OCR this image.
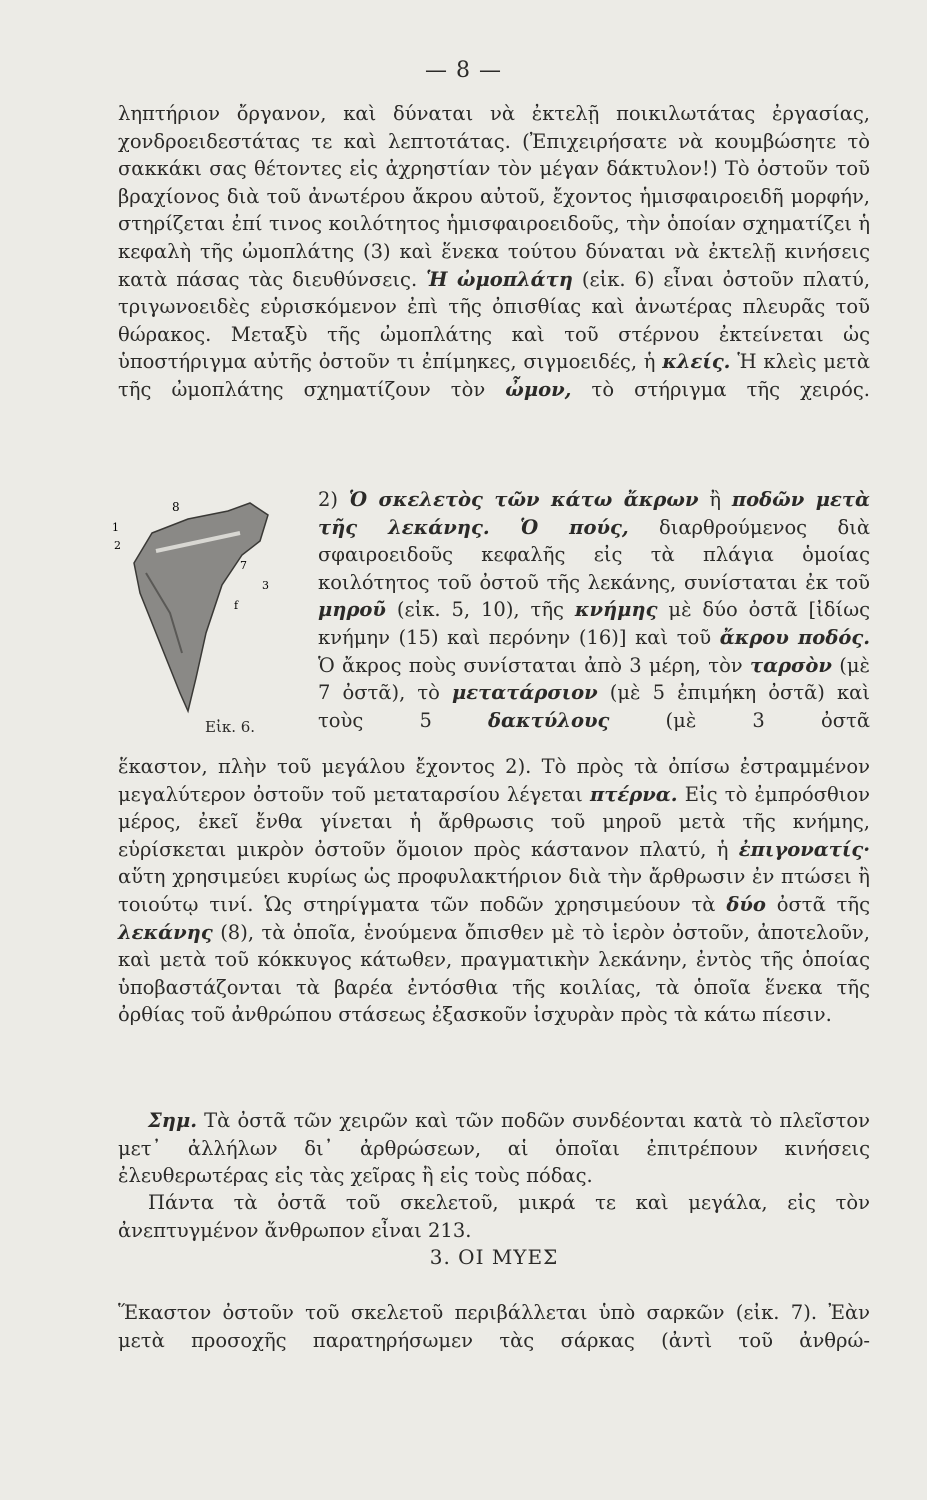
— 8 —
ληπτήριον ὄργανον, καὶ δύναται νὰ ἐκτελῇ ποικιλωτάτας ἐργασίας, χονδροειδεστάτας τε καὶ λεπτοτάτας. (Ἐπιχειρήσατε νὰ κουμβώσητε τὸ σακκάκι σας θέτοντες εἰς ἀχρηστίαν τὸν μέγαν δάκτυλον!) Τὸ ὀστοῦν τοῦ βραχίονος διὰ τοῦ ἀνωτέρου ἄκρου αὐτοῦ, ἔχοντος ἡμισφαιροειδῆ μορφήν, στηρίζεται ἐπί τινος κοιλότητος ἡμισφαιροειδοῦς, τὴν ὁποίαν σχηματίζει ἡ κεφαλὴ τῆς ὠμοπλάτης (3) καὶ ἕνεκα τούτου δύναται νὰ ἐκτελῇ κινήσεις κατὰ πάσας τὰς διευθύνσεις. Ἡ ὠμοπλάτη (εἰκ. 6) εἶναι ὀστοῦν πλατύ, τριγωνοειδὲς εὑρισκόμενον ἐπὶ τῆς ὀπισθίας καὶ ἀνωτέρας πλευρᾶς τοῦ θώρακος. Μεταξὺ τῆς ὠμοπλάτης καὶ τοῦ στέρνου ἐκτείνεται ὡς ὑποστήριγμα αὐτῆς ὀστοῦν τι ἐπίμηκες, σιγμοειδές, ἡ κλείς. Ἡ κλεὶς μετὰ τῆς ὠμοπλάτης σχηματίζουν τὸν ὦμον, τὸ στήριγμα τῆς χειρός.
8
1
2
7
3
f
Εἰκ. 6.
2) Ὁ σκελετὸς τῶν κάτω ἄκρων ἢ ποδῶν μετὰ τῆς λεκάνης. Ὁ πούς, διαρθρούμενος διὰ σφαιροειδοῦς κεφαλῆς εἰς τὰ πλάγια ὁμοίας κοιλότητος τοῦ ὀστοῦ τῆς λεκάνης, συνίσταται ἐκ τοῦ μηροῦ (εἰκ. 5, 10), τῆς κνήμης μὲ δύο ὀστᾶ [ἰδίως κνήμην (15) καὶ περόνην (16)] καὶ τοῦ ἄκρου ποδός. Ὁ ἄκρος ποὺς συνίσταται ἀπὸ 3 μέρη, τὸν ταρσὸν (μὲ 7 ὀστᾶ), τὸ μετατάρσιον (μὲ 5 ἐπιμήκη ὀστᾶ) καὶ τοὺς 5	δακτύλους	(μὲ 3 ὀστᾶ
ἕκαστον, πλὴν τοῦ μεγάλου ἔχοντος 2). Τὸ πρὸς τὰ ὀπίσω ἐστραμμένον μεγαλύτερον ὀστοῦν τοῦ μεταταρσίου λέγεται πτέρνα. Εἰς τὸ ἐμπρόσθιον μέρος, ἐκεῖ ἔνθα γίνεται ἡ ἄρθρωσις τοῦ μηροῦ μετὰ τῆς κνήμης, εὑρίσκεται μικρὸν ὀστοῦν ὅμοιον πρὸς κάστανον πλατύ, ἡ ἐπιγονατίς· αὕτη χρησιμεύει κυρίως ὡς προφυλακτήριον διὰ τὴν ἄρθρωσιν ἐν πτώσει ἢ τοιούτῳ τινί. Ὡς στηρίγματα τῶν ποδῶν χρησιμεύουν τὰ δύο ὀστᾶ τῆς λεκάνης (8), τὰ ὁποῖα, ἑνούμενα ὄπισθεν μὲ τὸ ἱερὸν ὀστοῦν, ἀποτελοῦν, καὶ μετὰ τοῦ κόκκυγος κάτωθεν, πραγματικὴν λεκάνην, ἐντὸς τῆς ὁποίας ὑποβαστάζονται τὰ βαρέα ἐντόσθια τῆς κοιλίας, τὰ ὁποῖα ἕνεκα τῆς ὀρθίας τοῦ ἀνθρώπου στάσεως ἐξασκοῦν ἰσχυρὰν πρὸς τὰ κάτω πίεσιν.
Σημ. Τὰ ὀστᾶ τῶν χειρῶν καὶ τῶν ποδῶν συνδέονται κατὰ τὸ πλεῖστον μετ᾿ ἀλλήλων δι᾿ ἀρθρώσεων, αἱ ὁποῖαι ἐπιτρέπουν κινήσεις ἐλευθερωτέρας εἰς τὰς χεῖρας ἢ εἰς τοὺς πόδας.
Πάντα τὰ ὀστᾶ τοῦ σκελετοῦ, μικρά τε καὶ μεγάλα, εἰς τὸν ἀνεπτυγμένον ἄνθρωπον εἶναι 213.
3. ΟΙ ΜΥΕΣ
Ἕκαστον ὀστοῦν τοῦ σκελετοῦ περιβάλλεται ὑπὸ σαρκῶν (εἰκ. 7). Ἐὰν μετὰ προσοχῆς παρατηρήσωμεν τὰς σάρκας (ἀντὶ τοῦ ἀνθρώ-
